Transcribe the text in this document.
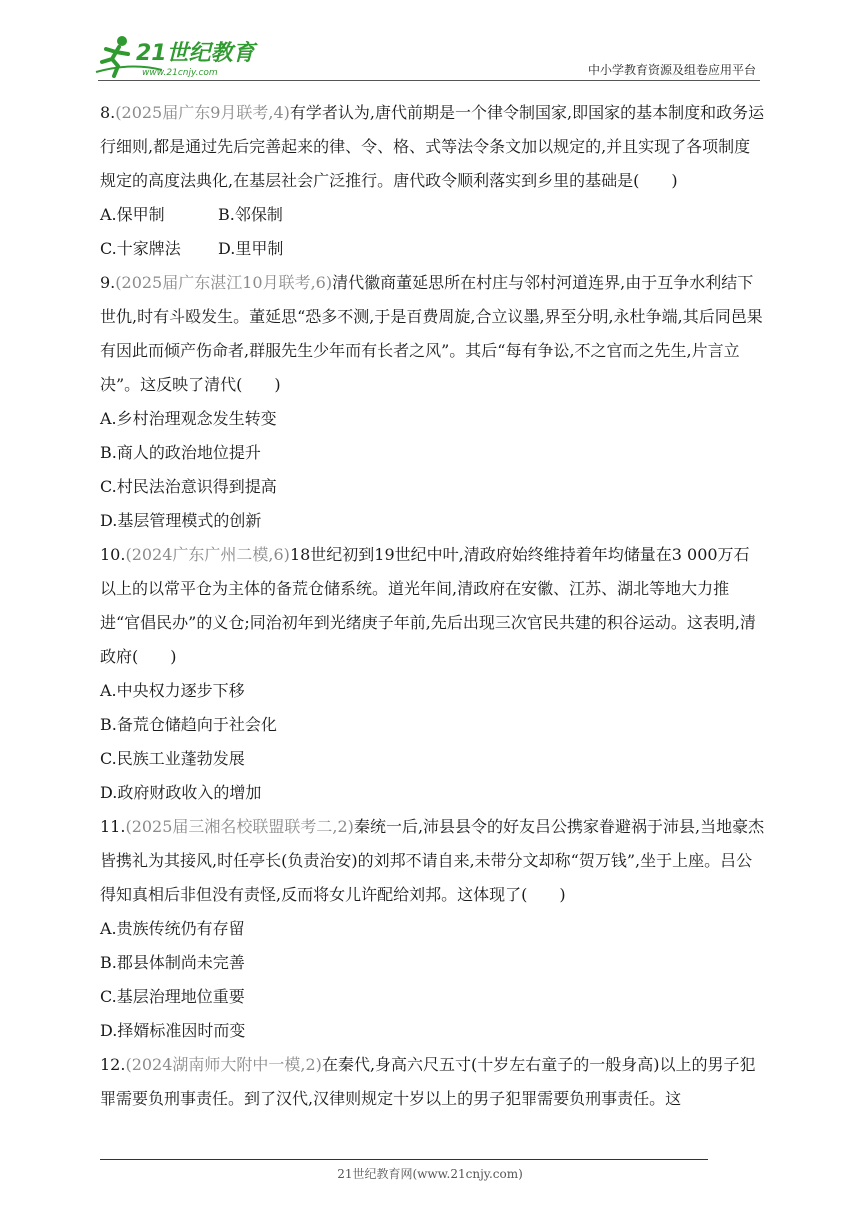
21世纪教育
www.21cnjy.com	中小学教育资源及组卷应用平台

8.(2025届广东9月联考,4)有学者认为,唐代前期是一个律令制国家,即国家的基本制度和政务运行细则,都是通过先后完善起来的律、令、格、式等法令条文加以规定的,并且实现了各项制度规定的高度法典化,在基层社会广泛推行。唐代政令顺利落实到乡里的基础是(　　)

A.保甲制	B.邻保制
C.十家牌法	D.里甲制

9.(2025届广东湛江10月联考,6)清代徽商董延思所在村庄与邻村河道连界,由于互争水利结下世仇,时有斗殴发生。董延思“恐多不测,于是百费周旋,合立议墨,界至分明,永杜争端,其后同邑果有因此而倾产伤命者,群服先生少年而有长者之风”。其后“每有争讼,不之官而之先生,片言立决”。这反映了清代(　　)

A.乡村治理观念发生转变

B.商人的政治地位提升

C.村民法治意识得到提高

D.基层管理模式的创新

10.(2024广东广州二模,6)18世纪初到19世纪中叶,清政府始终维持着年均储量在3 000万石以上的以常平仓为主体的备荒仓储系统。道光年间,清政府在安徽、江苏、湖北等地大力推进“官倡民办”的义仓;同治初年到光绪庚子年前,先后出现三次官民共建的积谷运动。这表明,清政府(　　)

A.中央权力逐步下移

B.备荒仓储趋向于社会化

C.民族工业蓬勃发展

D.政府财政收入的增加

11.(2025届三湘名校联盟联考二,2)秦统一后,沛县县令的好友吕公携家眷避祸于沛县,当地豪杰皆携礼为其接风,时任亭长(负责治安)的刘邦不请自来,未带分文却称“贺万钱”,坐于上座。吕公得知真相后非但没有责怪,反而将女儿许配给刘邦。这体现了(　　)

A.贵族传统仍有存留

B.郡县体制尚未完善

C.基层治理地位重要

D.择婿标准因时而变

12.(2024湖南师大附中一模,2)在秦代,身高六尺五寸(十岁左右童子的一般身高)以上的男子犯罪需要负刑事责任。到了汉代,汉律则规定十岁以上的男子犯罪需要负刑事责任。这

21世纪教育网(www.21cnjy.com)
